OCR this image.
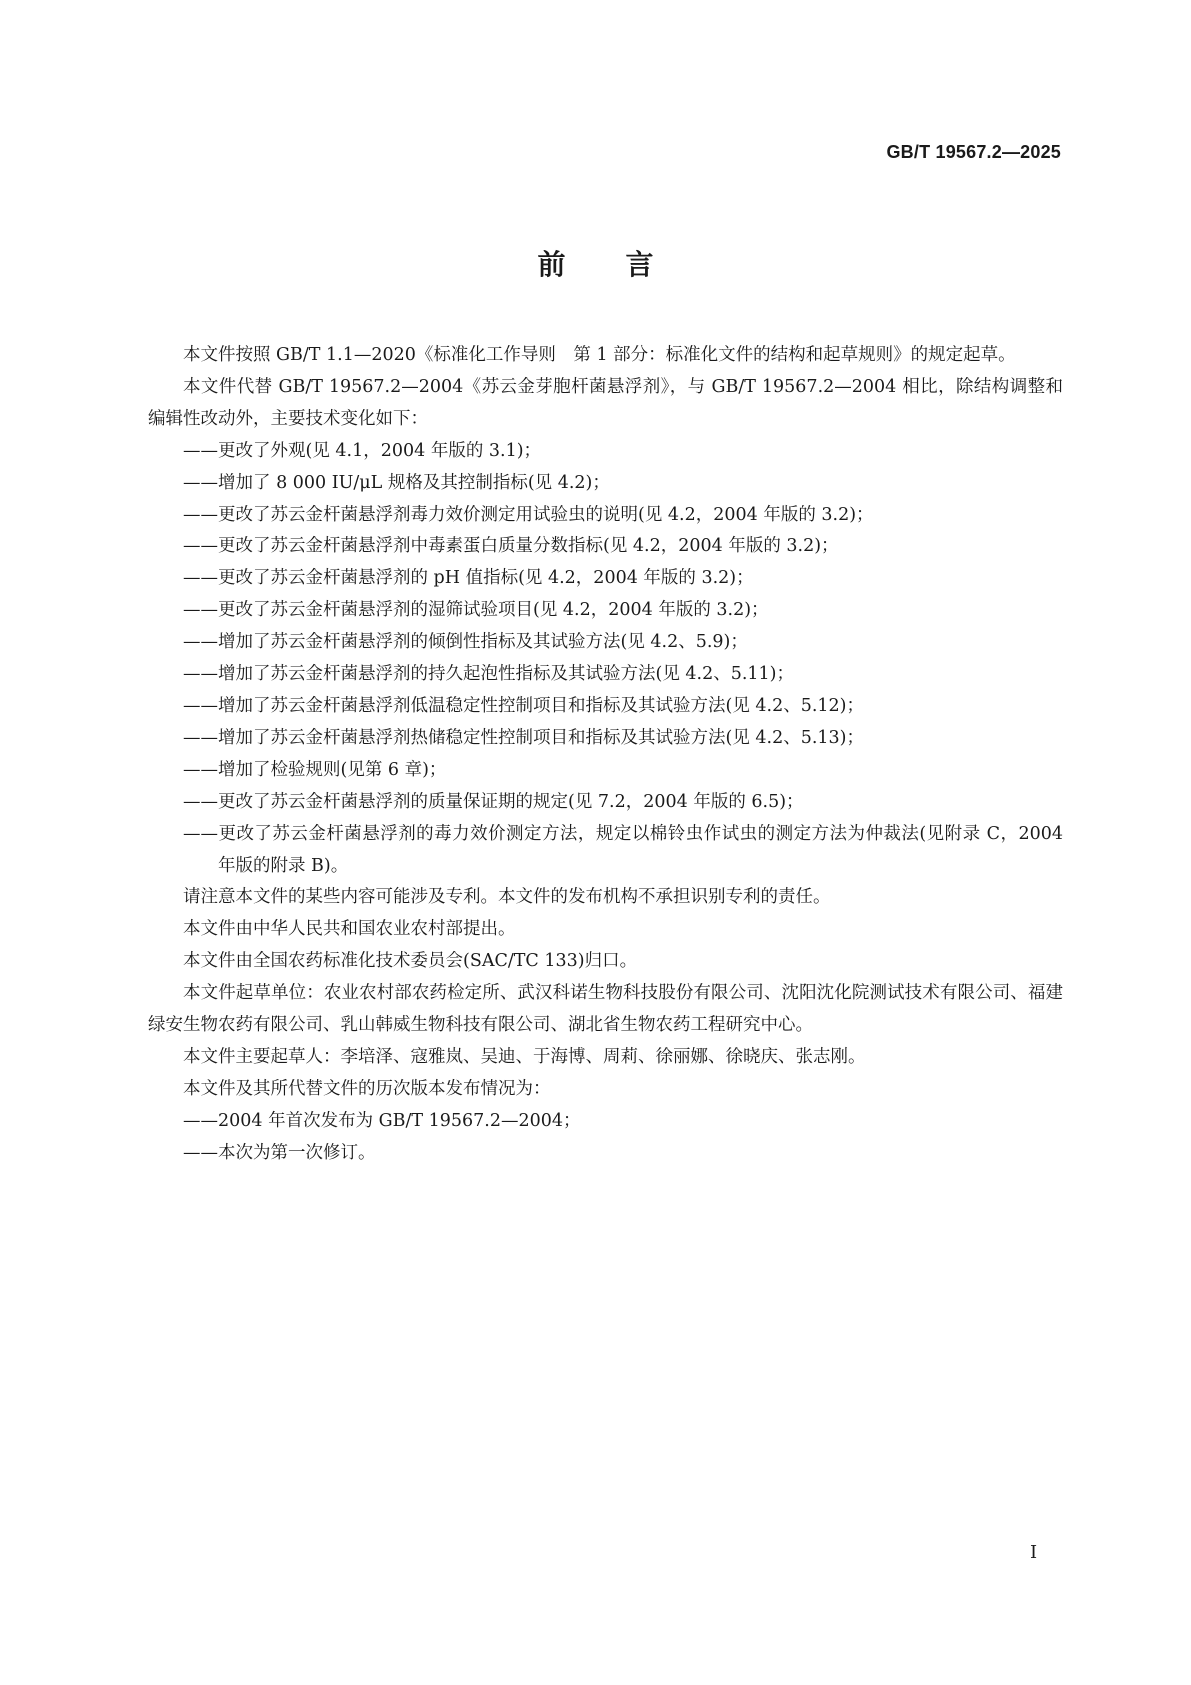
GB/T 19567.2—2025
前言

本文件按照 GB/T 1.1—2020《标准化工作导则　第 1 部分：标准化文件的结构和起草规则》的规定起草。

本文件代替 GB/T 19567.2—2004《苏云金芽胞杆菌悬浮剂》，与 GB/T 19567.2—2004 相比，除结构调整和编辑性改动外，主要技术变化如下：

——更改了外观(见 4.1，2004 年版的 3.1)；

——增加了 8 000 IU/μL 规格及其控制指标(见 4.2)；

——更改了苏云金杆菌悬浮剂毒力效价测定用试验虫的说明(见 4.2，2004 年版的 3.2)；

——更改了苏云金杆菌悬浮剂中毒素蛋白质量分数指标(见 4.2，2004 年版的 3.2)；

——更改了苏云金杆菌悬浮剂的 pH 值指标(见 4.2，2004 年版的 3.2)；

——更改了苏云金杆菌悬浮剂的湿筛试验项目(见 4.2，2004 年版的 3.2)；

——增加了苏云金杆菌悬浮剂的倾倒性指标及其试验方法(见 4.2、5.9)；

——增加了苏云金杆菌悬浮剂的持久起泡性指标及其试验方法(见 4.2、5.11)；

——增加了苏云金杆菌悬浮剂低温稳定性控制项目和指标及其试验方法(见 4.2、5.12)；

——增加了苏云金杆菌悬浮剂热储稳定性控制项目和指标及其试验方法(见 4.2、5.13)；

——增加了检验规则(见第 6 章)；

——更改了苏云金杆菌悬浮剂的质量保证期的规定(见 7.2，2004 年版的 6.5)；

——更改了苏云金杆菌悬浮剂的毒力效价测定方法，规定以棉铃虫作试虫的测定方法为仲裁法(见附录 C，2004 年版的附录 B)。

请注意本文件的某些内容可能涉及专利。本文件的发布机构不承担识别专利的责任。

本文件由中华人民共和国农业农村部提出。

本文件由全国农药标准化技术委员会(SAC/TC 133)归口。

本文件起草单位：农业农村部农药检定所、武汉科诺生物科技股份有限公司、沈阳沈化院测试技术有限公司、福建绿安生物农药有限公司、乳山韩威生物科技有限公司、湖北省生物农药工程研究中心。

本文件主要起草人：李培泽、寇雅岚、吴迪、于海博、周莉、徐丽娜、徐晓庆、张志刚。

本文件及其所代替文件的历次版本发布情况为：

——2004 年首次发布为 GB/T 19567.2—2004；

——本次为第一次修订。

I
